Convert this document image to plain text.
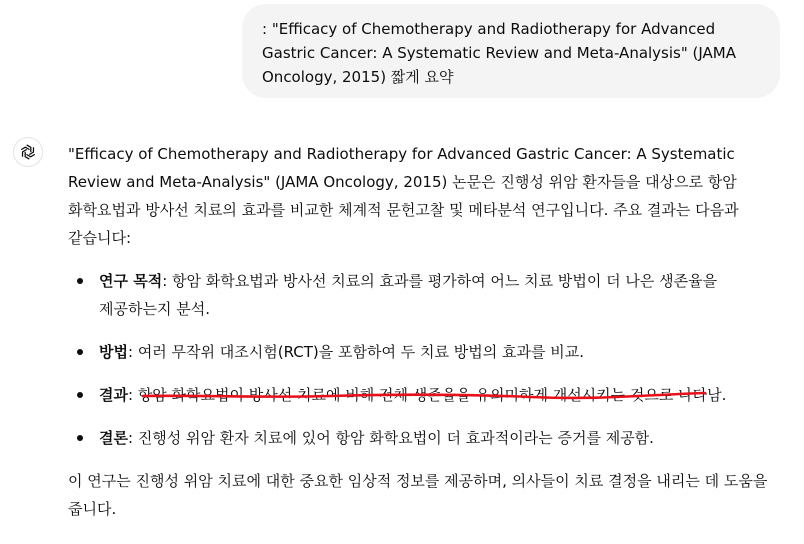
: "Efficacy of Chemotherapy and Radiotherapy for Advanced Gastric Cancer: A Systematic Review and Meta-Analysis" (JAMA Oncology, 2015) 짧게 요약

"Efficacy of Chemotherapy and Radiotherapy for Advanced Gastric Cancer: A Systematic Review and Meta-Analysis" (JAMA Oncology, 2015) 논문은 진행성 위암 환자들을 대상으로 항암 화학요법과 방사선 치료의 효과를 비교한 체계적 문헌고찰 및 메타분석 연구입니다. 주요 결과는 다음과 같습니다:

연구 목적: 항암 화학요법과 방사선 치료의 효과를 평가하여 어느 치료 방법이 더 나은 생존율을 제공하는지 분석.
방법: 여러 무작위 대조시험(RCT)을 포함하여 두 치료 방법의 효과를 비교.
결과: 항암 화학요법이 방사선 치료에 비해 전체 생존율을 유의미하게 개선시키는 것으로 나타남.
결론: 진행성 위암 환자 치료에 있어 항암 화학요법이 더 효과적이라는 증거를 제공함.

이 연구는 진행성 위암 치료에 대한 중요한 임상적 정보를 제공하며, 의사들이 치료 결정을 내리는 데 도움을 줍니다.
